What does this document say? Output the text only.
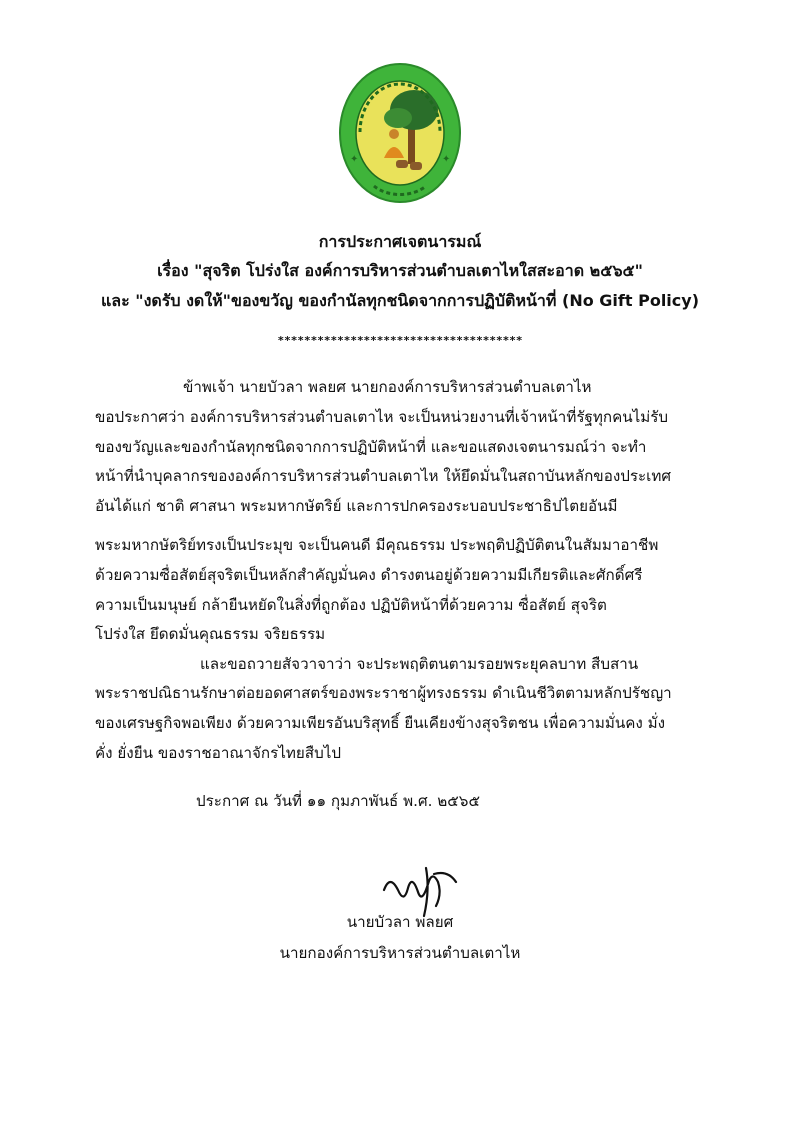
✦	✦
การประกาศเจตนารมณ์
เรื่อง "สุจริต โปร่งใส องค์การบริหารส่วนตำบลเตาไหใสสะอาด ๒๕๖๕"
และ "งดรับ งดให้"ของขวัญ ของกำนัลทุกชนิดจากการปฏิบัติหน้าที่ (No Gift Policy)
*************************************
ข้าพเจ้า นายบัวลา พลยศ นายกองค์การบริหารส่วนตำบลเตาไห
ขอประกาศว่า องค์การบริหารส่วนตำบลเตาไห จะเป็นหน่วยงานที่เจ้าหน้าที่รัฐทุกคนไม่รับ
ของขวัญและของกำนัลทุกชนิดจากการปฏิบัติหน้าที่ และขอแสดงเจตนารมณ์ว่า จะทำ
หน้าที่นำบุคลากรขององค์การบริหารส่วนตำบลเตาไห ให้ยึดมั่นในสถาบันหลักของประเทศ
อันได้แก่ ชาติ ศาสนา พระมหากษัตริย์ และการปกครองระบอบประชาธิปไตยอันมี
พระมหากษัตริย์ทรงเป็นประมุข จะเป็นคนดี มีคุณธรรม ประพฤติปฏิบัติตนในสัมมาอาชีพ
ด้วยความซื่อสัตย์สุจริตเป็นหลักสำคัญมั่นคง ดำรงตนอยู่ด้วยความมีเกียรติและศักดิ์ศรี
ความเป็นมนุษย์ กล้ายืนหยัดในสิ่งที่ถูกต้อง ปฏิบัติหน้าที่ด้วยความ ซื่อสัตย์ สุจริต
โปร่งใส ยึดดมั่นคุณธรรม จริยธรรม
และขอถวายสัจวาจาว่า จะประพฤติตนตามรอยพระยุคลบาท สืบสาน
พระราชปณิธานรักษาต่อยอดศาสตร์ของพระราชาผู้ทรงธรรม ดำเนินชีวิตตามหลักปรัชญา
ของเศรษฐกิจพอเพียง ด้วยความเพียรอันบริสุทธิ์ ยืนเคียงข้างสุจริตชน เพื่อความมั่นคง มั่ง
คั่ง ยั่งยืน ของราชอาณาจักรไทยสืบไป
ประกาศ ณ วันที่ ๑๑ กุมภาพันธ์ พ.ศ. ๒๕๖๕
นายบัวลา พลยศ
นายกองค์การบริหารส่วนตำบลเตาไห
